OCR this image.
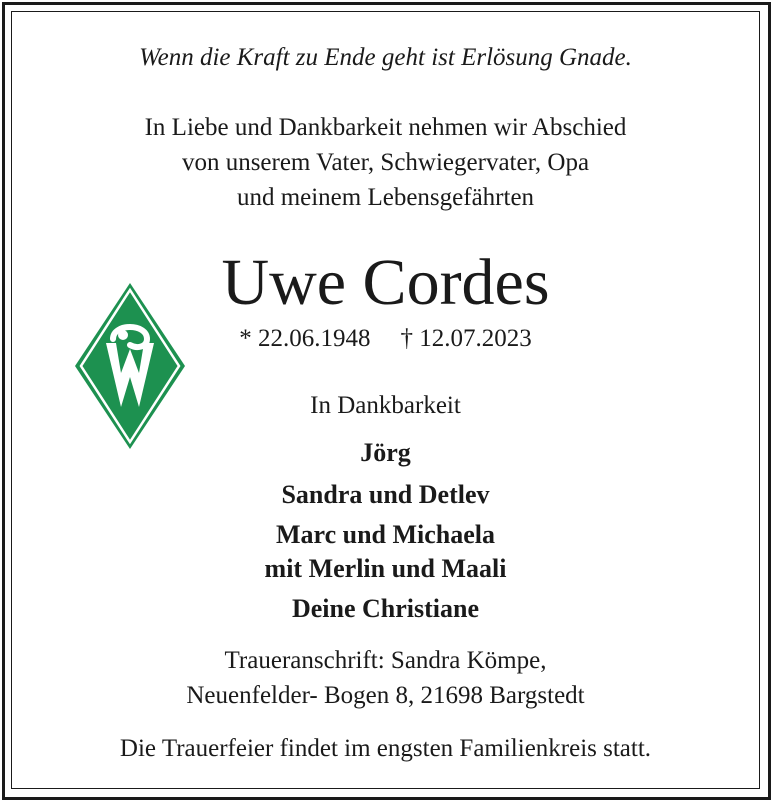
Wenn die Kraft zu Ende geht ist Erlösung Gnade.
In Liebe und Dankbarkeit nehmen wir Abschied
von unserem Vater, Schwiegervater, Opa
und meinem Lebensgefährten
Uwe Cordes
* 22.06.1948 † 12.07.2023
In Dankbarkeit
Jörg
Sandra und Detlev
Marc und Michaela
mit Merlin und Maali
Deine Christiane
Traueranschrift: Sandra Kömpe,
Neuenfelder- Bogen 8, 21698 Bargstedt
Die Trauerfeier findet im engsten Familienkreis statt.
